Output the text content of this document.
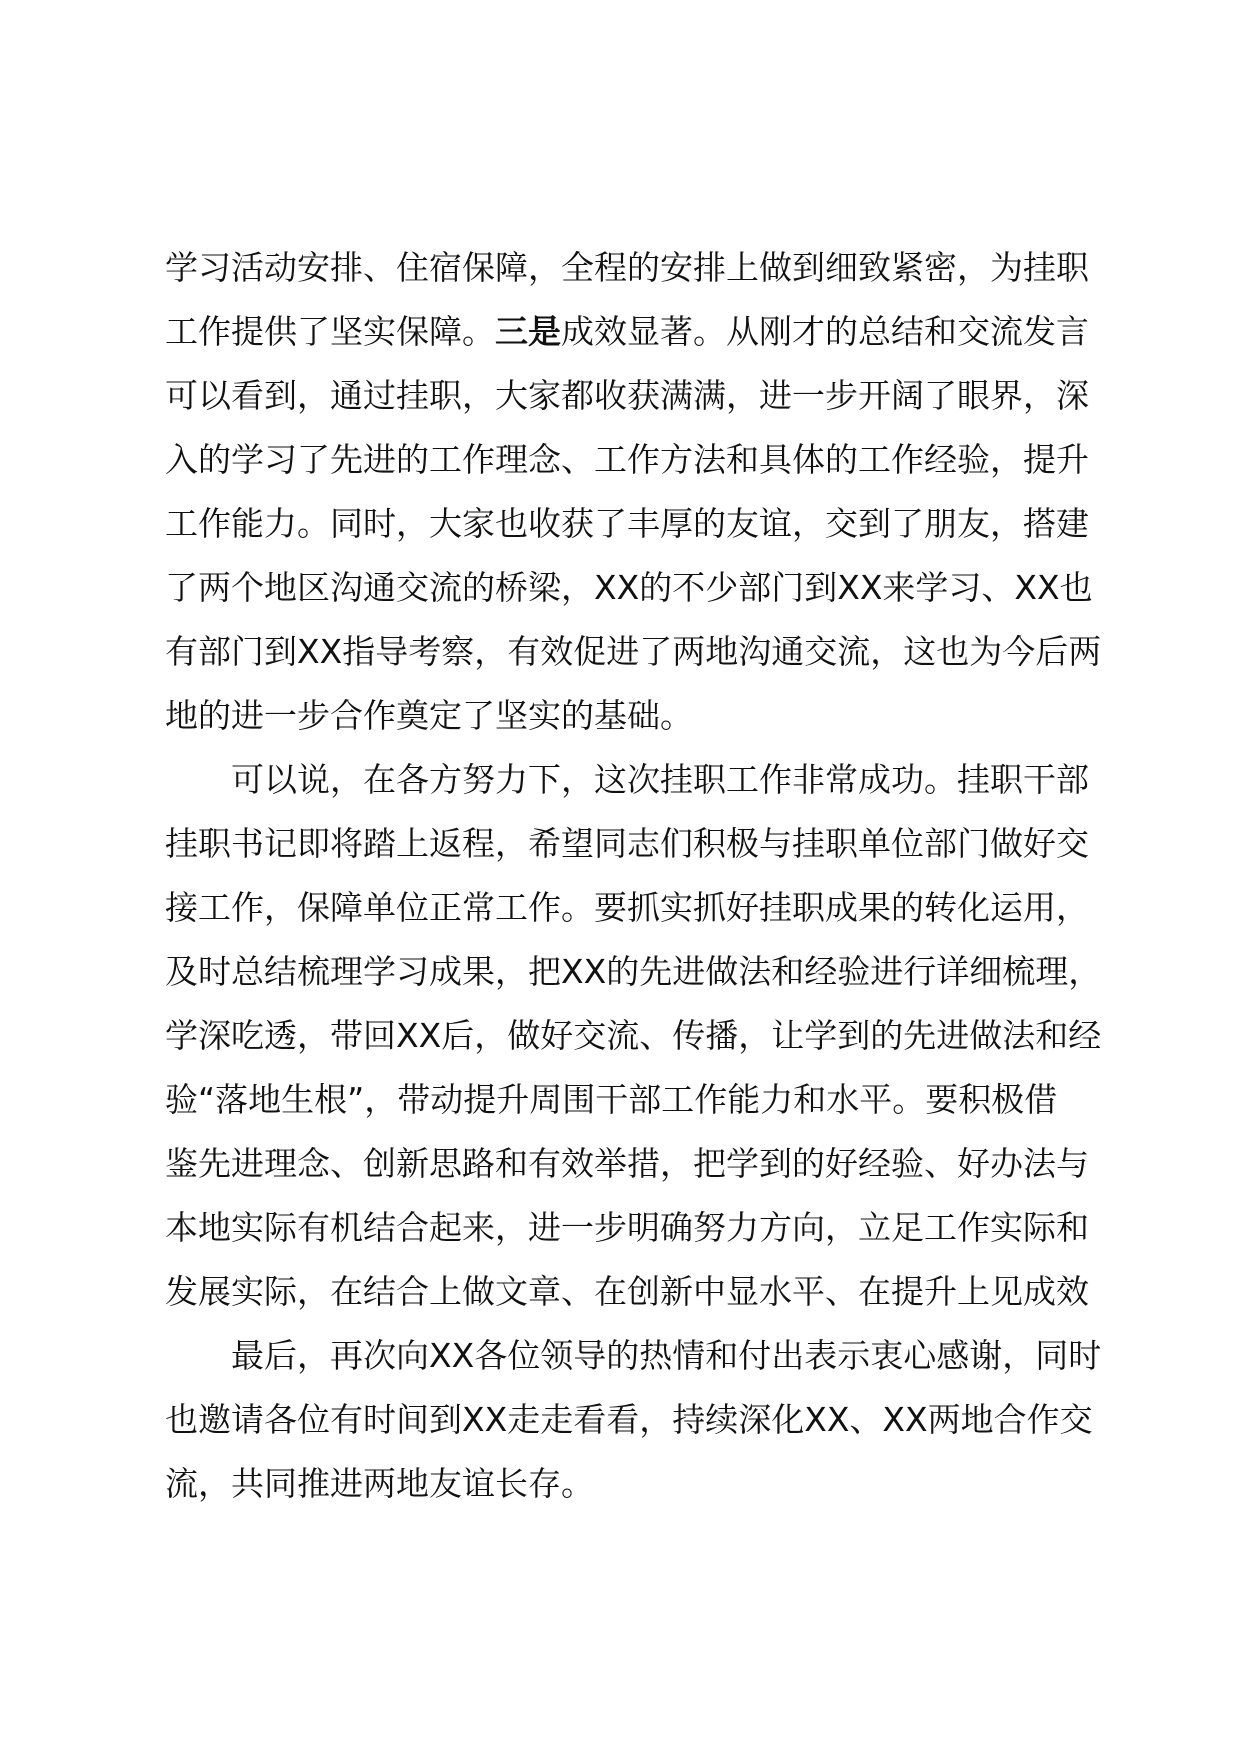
学习活动安排、住宿保障，全程的安排上做到细致紧密，为挂职
工作提供了坚实保障。三是成效显著。从刚才的总结和交流发言
可以看到，通过挂职，大家都收获满满，进一步开阔了眼界，深
入的学习了先进的工作理念、工作方法和具体的工作经验，提升
工作能力。同时，大家也收获了丰厚的友谊，交到了朋友，搭建
了两个地区沟通交流的桥梁，XX的不少部门到XX来学习、XX也
有部门到XX指导考察，有效促进了两地沟通交流，这也为今后两
地的进一步合作奠定了坚实的基础。
可以说，在各方努力下，这次挂职工作非常成功。挂职干部
挂职书记即将踏上返程，希望同志们积极与挂职单位部门做好交
接工作，保障单位正常工作。要抓实抓好挂职成果的转化运用，
及时总结梳理学习成果，把XX的先进做法和经验进行详细梳理，
学深吃透，带回XX后，做好交流、传播，让学到的先进做法和经
验“落地生根”，带动提升周围干部工作能力和水平。要积极借
鉴先进理念、创新思路和有效举措，把学到的好经验、好办法与
本地实际有机结合起来，进一步明确努力方向，立足工作实际和
发展实际，在结合上做文章、在创新中显水平、在提升上见成效
最后，再次向XX各位领导的热情和付出表示衷心感谢，同时
也邀请各位有时间到XX走走看看，持续深化XX、XX两地合作交
流，共同推进两地友谊长存。
